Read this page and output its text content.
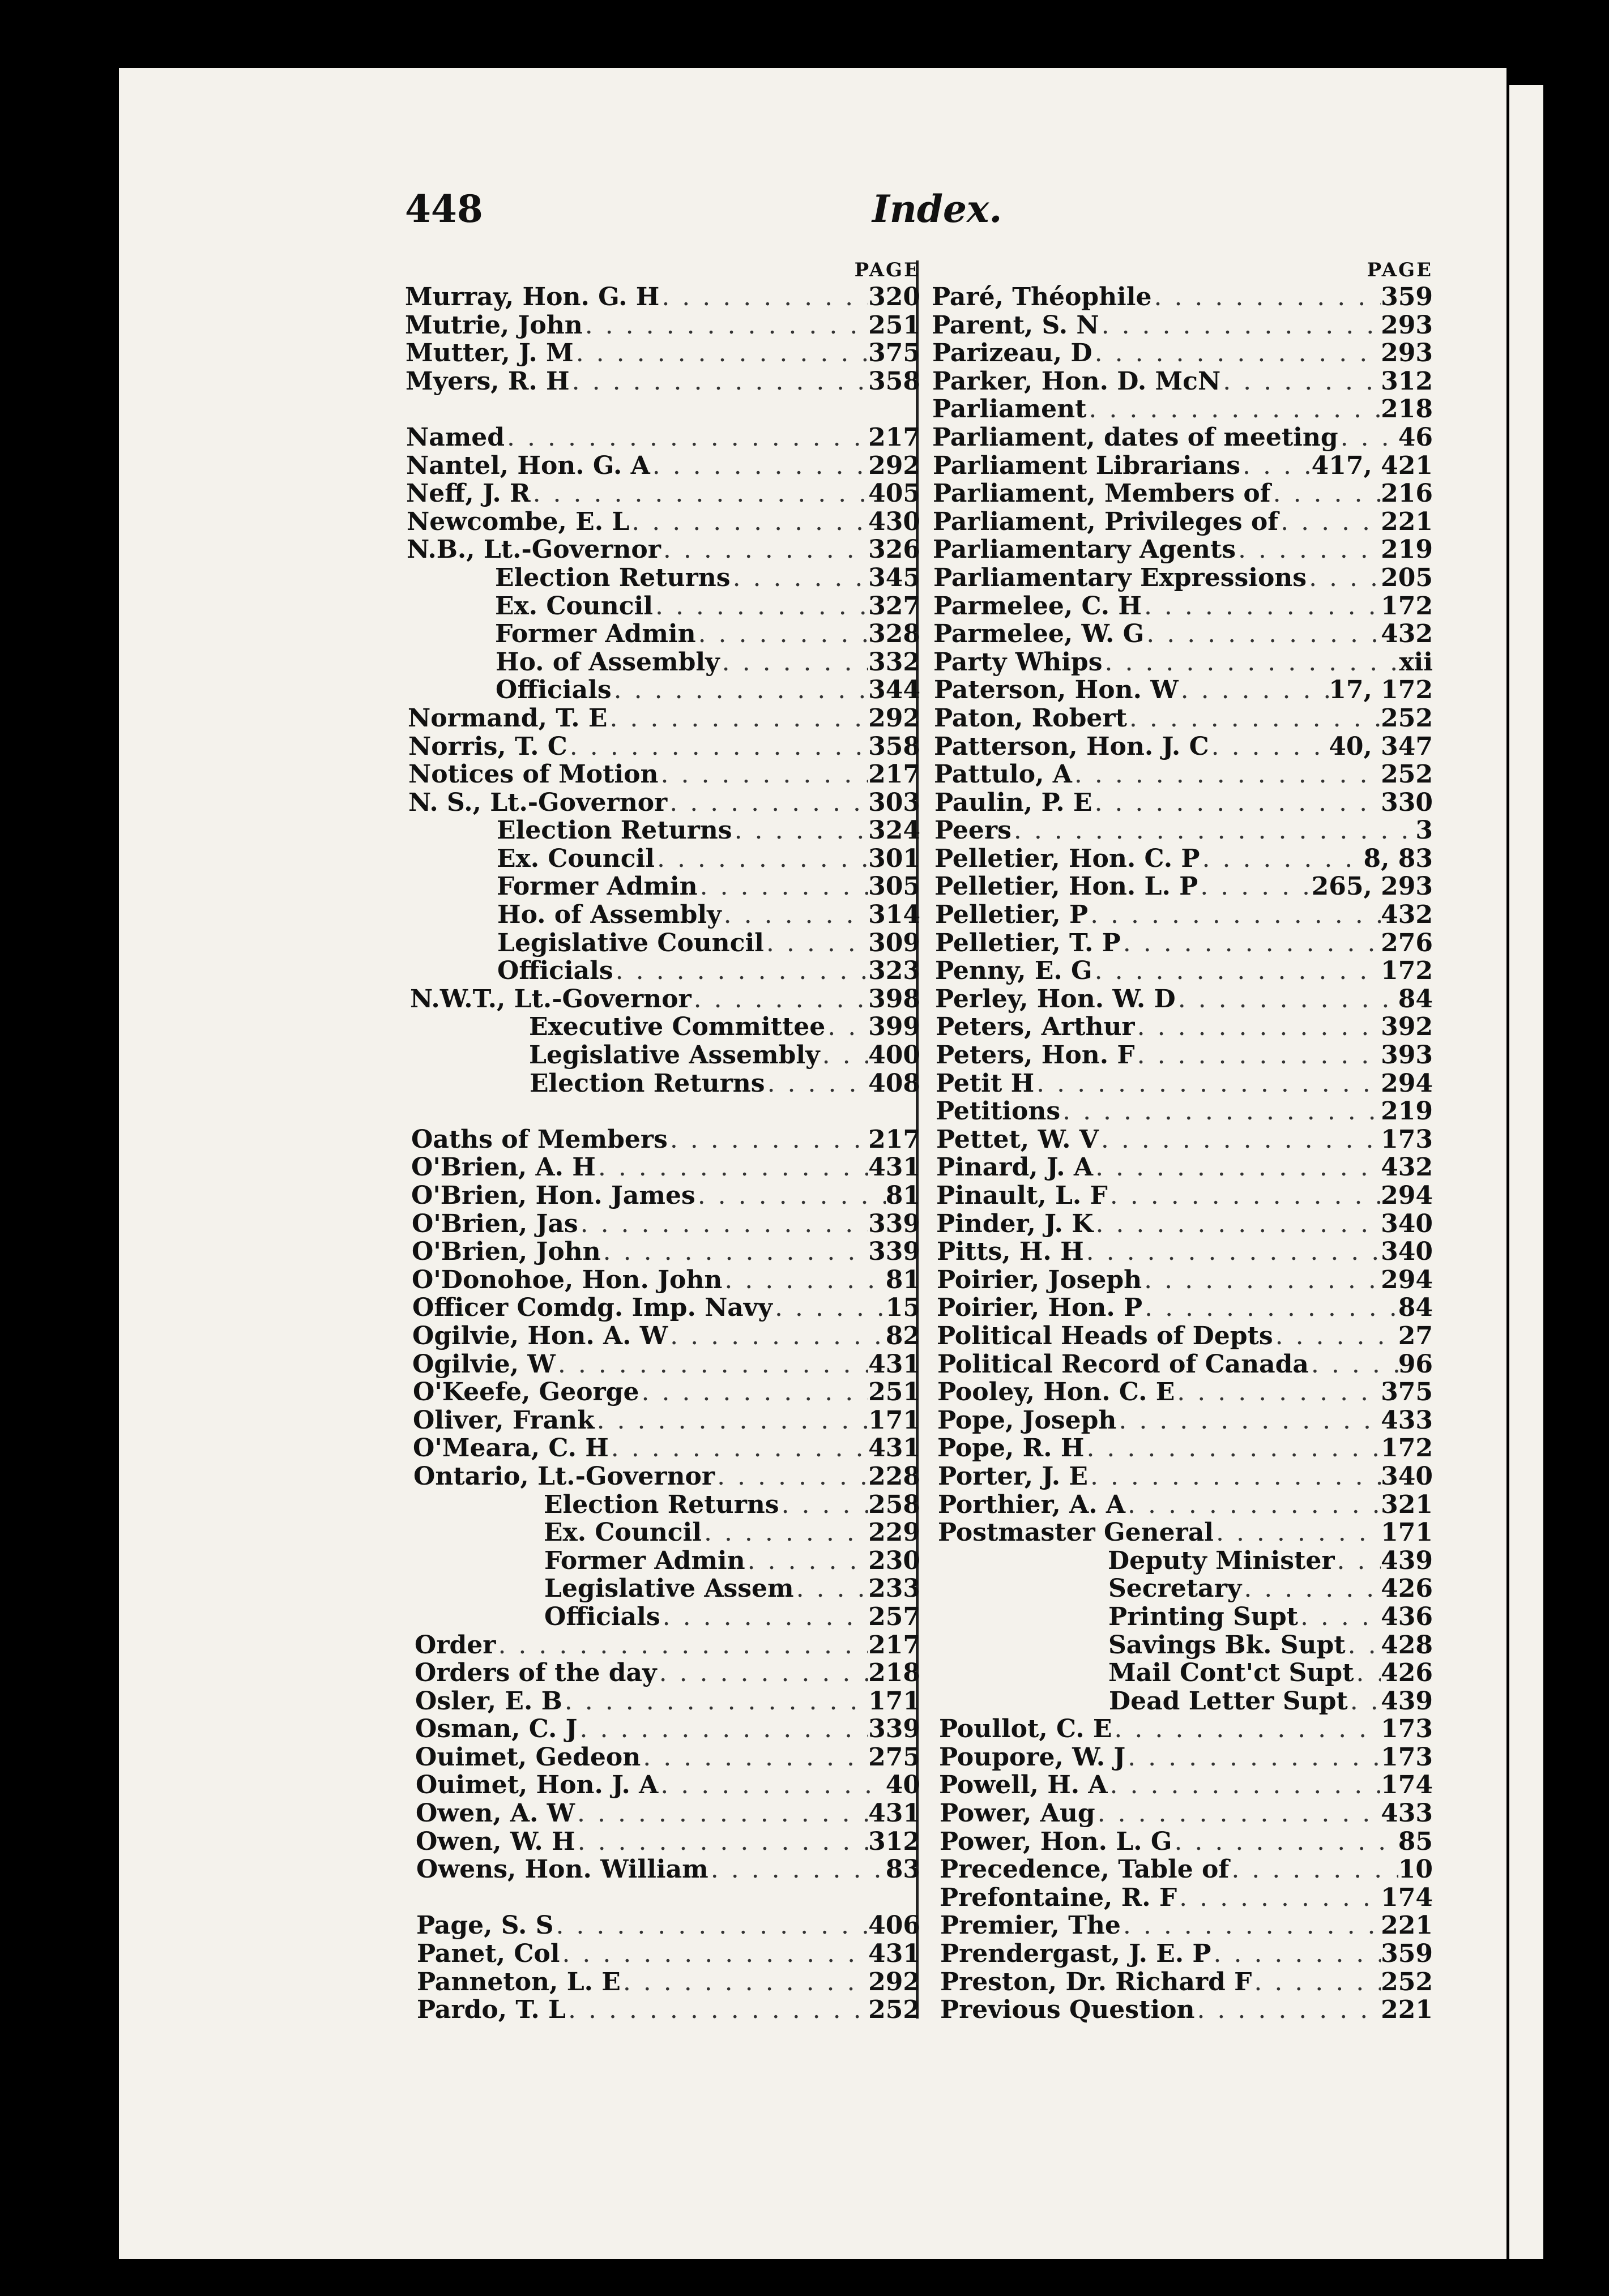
448	Index.
PAGE
Murray, Hon. G. H . . .	320
Mutrie, John . . .	251
Mutter, J. M . . .	375
Myers, R. H . . .	358
Named . . .	217
Nantel, Hon. G. A . . .	292
Neff, J. R . . .	405
Newcombe, E. L . . .	430
N.B., Lt.-Governor . . .	326
Election Returns . . .	345
Ex. Council . . .	327
Former Admin . . .	328
Ho. of Assembly . . .	332
Officials . . .	344
Normand, T. E . . .	292
Norris, T. C . . .	358
Notices of Motion . . .	217
N. S., Lt.-Governor . . .	303
Election Returns . . .	324
Ex. Council . . .	301
Former Admin . . .	305
Ho. of Assembly . . .	314
Legislative Council . . .	309
Officials . . .	323
N.W.T., Lt.-Governor . . .	398
Executive Committee . . . 399
Legislative Assembly . . . 400
Election Returns . . .	408
Oaths of Members . . .	217
O'Brien, A. H . . .	431
O'Brien, Hon. James . . .	81
O'Brien, Jas . . .	339
O'Brien, John . . .	339
O'Donohoe, Hon. John . . .	81
Officer Comdg. Imp. Navy . . .	15
Ogilvie, Hon. A. W . . .	82
Ogilvie, W . . .	431
O'Keefe, George . . .	251
Oliver, Frank . . .	171
O'Meara, C. H . . .	431
Ontario, Lt.-Governor . . .	228
Election Returns . . .	258
Ex. Council . . .	229
Former Admin . . .	230
Legislative Assem . . .	233
Officials . . .	257
Order . . .	217
Orders of the day . . .	218
Osler, E. B . . .	171
Osman, C. J . . .	339
Ouimet, Gedeon . . .	275
Ouimet, Hon. J. A . . .	40
Owen, A. W . . .	431
Owen, W. H . . .	312
Owens, Hon. William . . .	83
Page, S. S . . .	406
Panet, Col . . .	431
Panneton, L. E . . .	292
Pardo, T. L . . .	252
PAGE
Paré, Théophile . . .	359
Parent, S. N . . .	293
Parizeau, D . . .	293
Parker, Hon. D. McN . . .	312
Parliament . . .	218
Parliament, dates of meeting . . . 46
Parliament Librarians . . .	417, 421
Parliament, Members of . . .	216
Parliament, Privileges of . . .	221
Parliamentary Agents . . .	219
Parliamentary Expressions . . .	205
Parmelee, C. H . . .	172
Parmelee, W. G . . .	432
Party Whips . . .	xii
Paterson, Hon. W . . .	17, 172
Paton, Robert . . .	252
Patterson, Hon. J. C . . .	40, 347
Pattulo, A . . .	252
Paulin, P. E . . .	330
Peers . . .	3
Pelletier, Hon. C. P . . .	8, 83
Pelletier, Hon. L. P . . .	265, 293
Pelletier, P . . .	432
Pelletier, T. P . . .	276
Penny, E. G . . .	172
Perley, Hon. W. D . . .	84
Peters, Arthur . . .	392
Peters, Hon. F . . .	393
Petit H . . .	294
Petitions . . .	219
Pettet, W. V . . .	173
Pinard, J. A . . .	432
Pinault, L. F . . .	294
Pinder, J. K . . .	340
Pitts, H. H . . .	340
Poirier, Joseph . . .	294
Poirier, Hon. P . . .	84
Political Heads of Depts . . .	27
Political Record of Canada . . .	96
Pooley, Hon. C. E . . .	375
Pope, Joseph . . .	433
Pope, R. H . . .	172
Porter, J. E . . .	340
Porthier, A. A . . .	321
Postmaster General . . .	171
Deputy Minister . . . 439
Secretary . . .	426
Printing Supt . . .	436
Savings Bk. Supt . . . 428
Mail Cont'ct Supt . . . 426
Dead Letter Supt . . . 439
Poullot, C. E . . .	173
Poupore, W. J . . .	173
Powell, H. A . . .	174
Power, Aug . . .	433
Power, Hon. L. G . . .	85
Precedence, Table of . . .	10
Prefontaine, R. F . . .	174
Premier, The . . .	221
Prendergast, J. E. P . . .	359
Preston, Dr. Richard F . . .	252
Previous Question . . .	221
